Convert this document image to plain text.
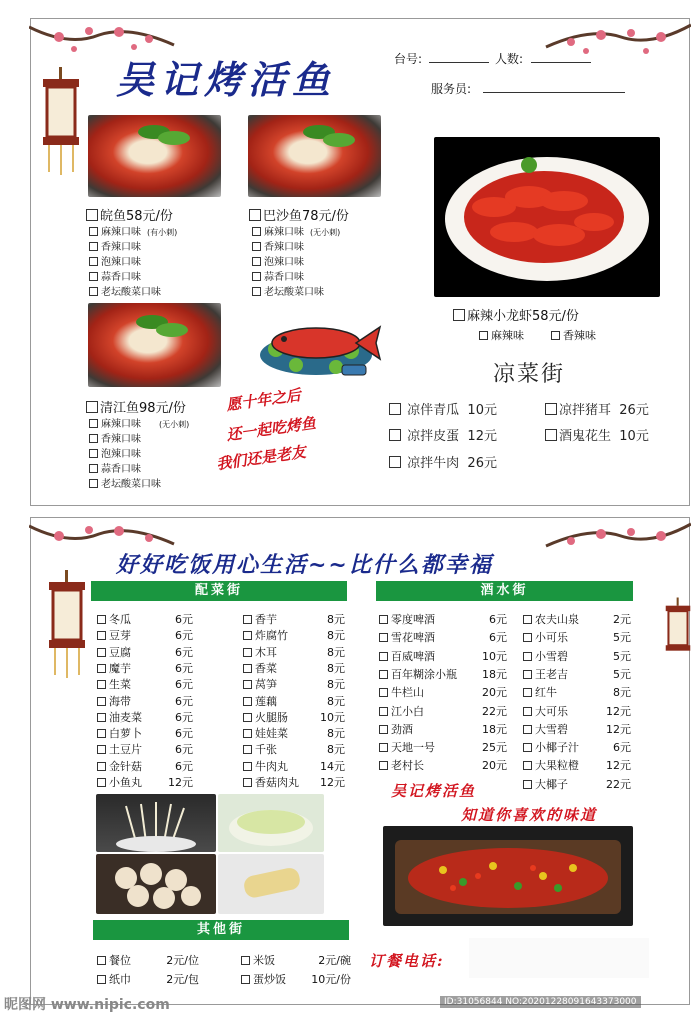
吴记烤活鱼	台号:	人数:
服务员:
皖鱼58元/份
麻辣口味 (有小刺)
香辣口味
泡辣口味
蒜香口味
老坛酸菜口味
巴沙鱼78元/份
麻辣口味 (无小刺)
香辣口味
泡辣口味
蒜香口味
老坛酸菜口味
麻辣小龙虾58元/份
麻辣味	香辣味
清江鱼98元/份
麻辣口味 (无小刺)
香辣口味
泡辣口味
蒜香口味
老坛酸菜口味
愿十年之后
还一起吃烤鱼
我们还是老友
凉菜街
凉伴青瓜 10元	凉拌猪耳 26元
凉拌皮蛋 12元	酒鬼花生 10元
凉拌牛肉 26元
好好吃饭用心生活~~比什么都幸福
配菜街
冬瓜	6元
豆芽	6元
豆腐	6元
魔芋	6元
生菜	6元
海带	6元
油麦菜	6元
白萝卜	6元
土豆片	6元
金针菇	6元
小鱼丸 12元
香芋	8元
炸腐竹	8元
木耳	8元
香菜	8元
莴笋	8元
莲藕	8元
火腿肠	10元
娃娃菜	8元
千张	8元
牛肉丸	14元
香菇肉丸 12元
酒水街
零度啤酒	6元
雪花啤酒	6元
百威啤酒	10元
百年糊涂小瓶 18元
牛栏山	20元
江小白	22元
劲酒	18元
天地一号	25元
老村长	20元
农夫山泉	2元
小可乐	5元
小雪碧	5元
王老吉	5元
红牛	8元
大可乐	12元
大雪碧	12元
小椰子汁	6元
大果粒橙 12元
大椰子	22元
其他街
餐位	2元/位	米饭	2元/碗
纸巾	2元/包	蛋炒饭 10元/份
吴记烤活鱼
知道你喜欢的味道
订餐电话:
昵图网 www.nipic.com	ID:31056844 NO:20201228091643373000
